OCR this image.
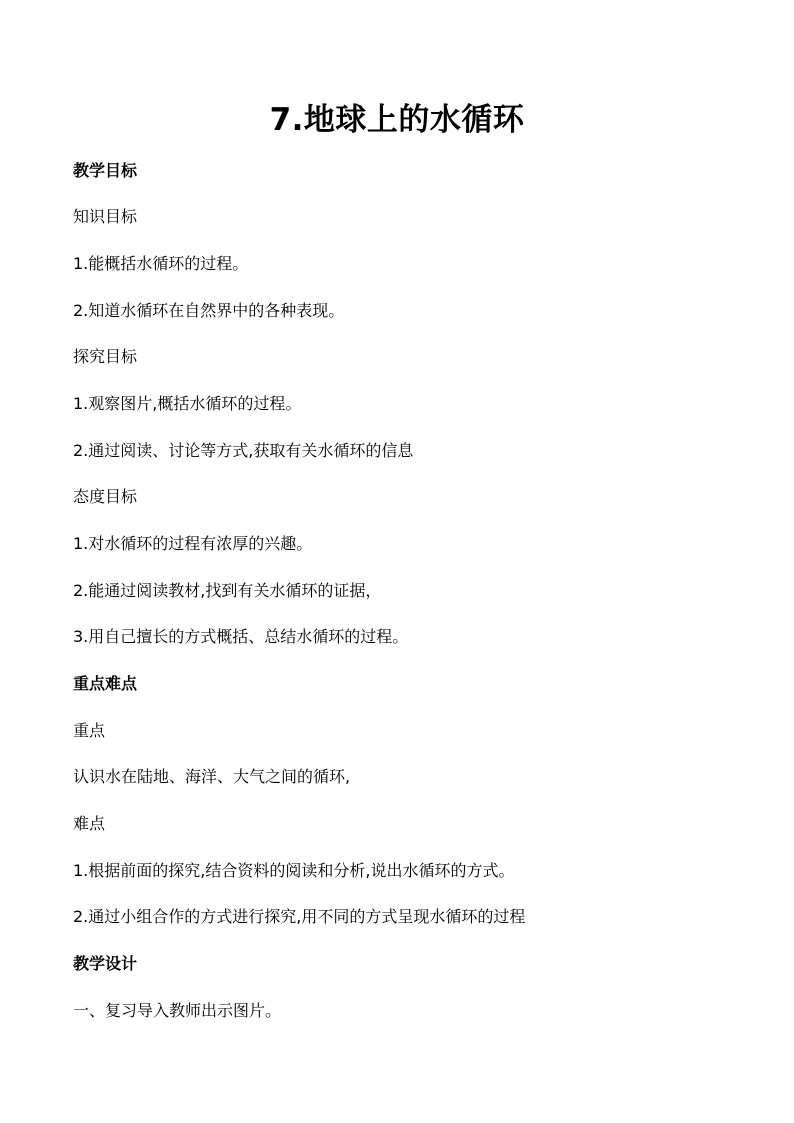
7.地球上的水循环
教学目标
知识目标
1.能概括水循环的过程。
2.知道水循环在自然界中的各种表现。
探究目标
1.观察图片,概括水循环的过程。
2.通过阅读、讨论等方式,获取有关水循环的信息
态度目标
1.对水循环的过程有浓厚的兴趣。
2.能通过阅读教材,找到有关水循环的证据，
3.用自己擅长的方式概括、总结水循环的过程。
重点难点
重点
认识水在陆地、海洋、大气之间的循环,
难点
1.根据前面的探究,结合资料的阅读和分析,说出水循环的方式。
2.通过小组合作的方式进行探究,用不同的方式呈现水循环的过程
教学设计
一、复习导入教师出示图片。
